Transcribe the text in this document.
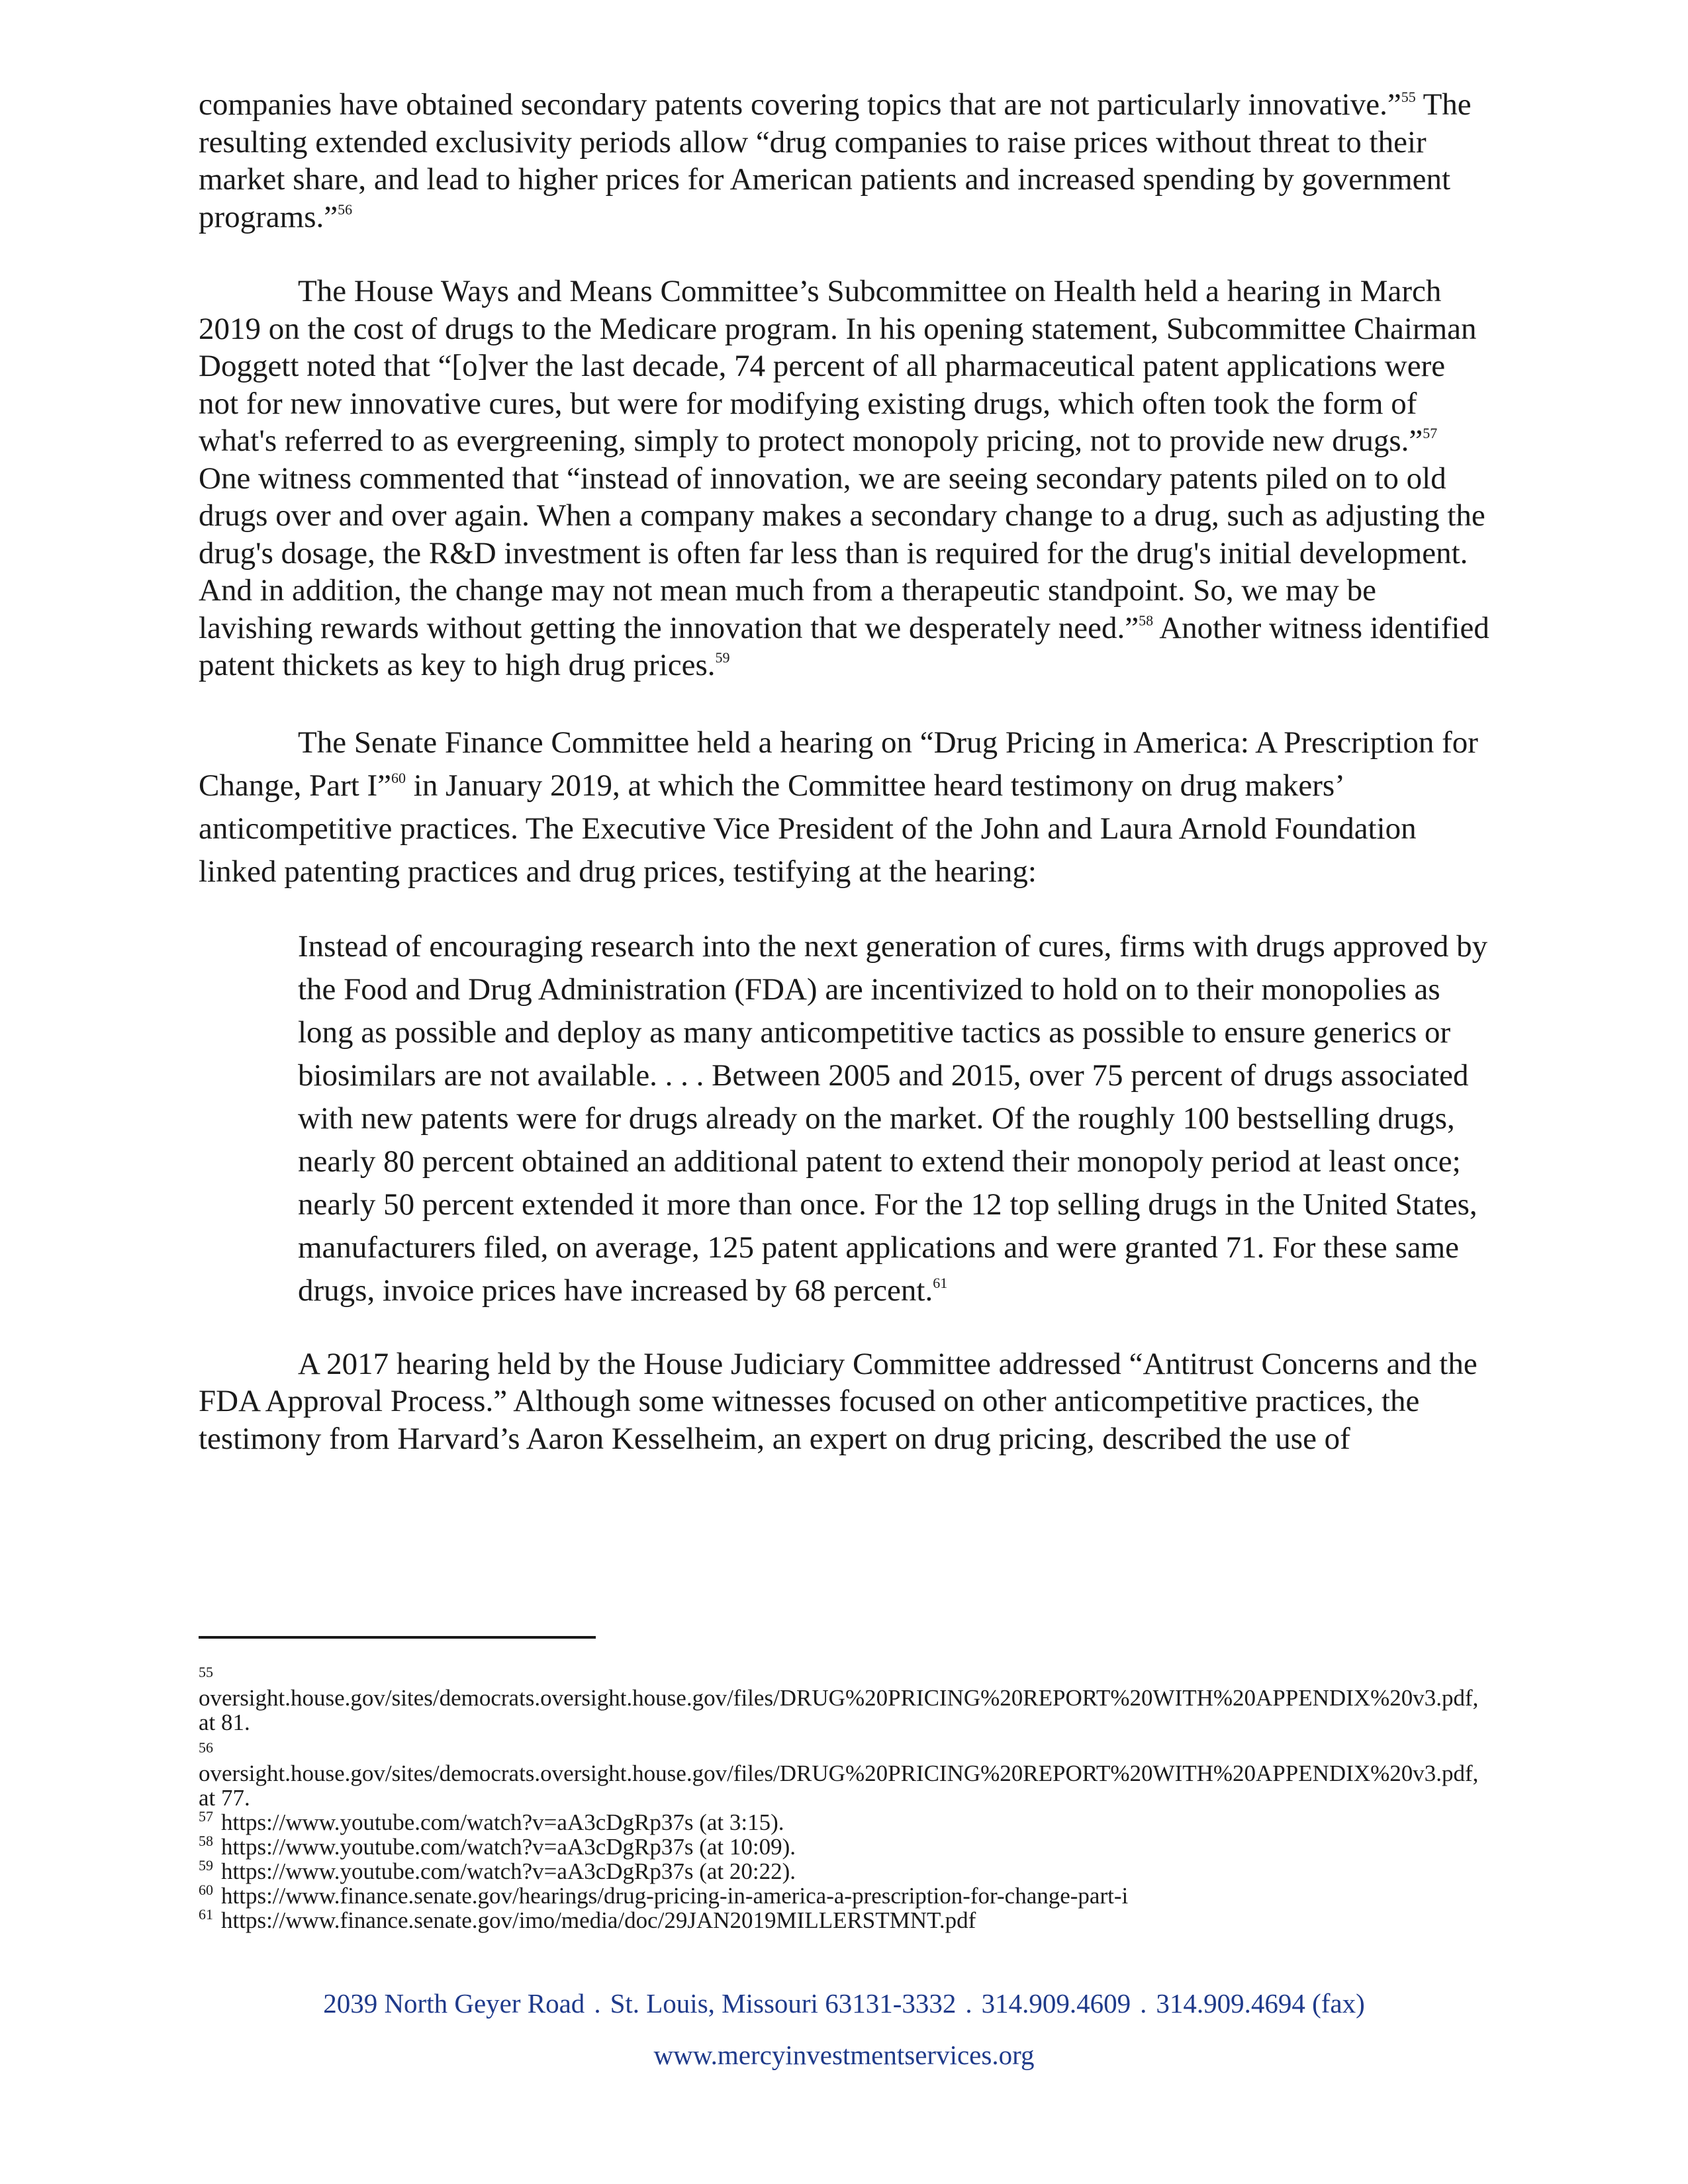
companies have obtained secondary patents covering topics that are not particularly innovative.”$^{55}$ The resulting extended exclusivity periods allow “drug companies to raise prices without threat to their market share, and lead to higher prices for American patients and increased spending by government programs.”$^{56}$

The House Ways and Means Committee’s Subcommittee on Health held a hearing in March 2019 on the cost of drugs to the Medicare program. In his opening statement, Subcommittee Chairman Doggett noted that “[o]ver the last decade, 74 percent of all pharmaceutical patent applications were not for new innovative cures, but were for modifying existing drugs, which often took the form of what's referred to as evergreening, simply to protect monopoly pricing, not to provide new drugs.”$^{57}$ One witness commented that “instead of innovation, we are seeing secondary patents piled on to old drugs over and over again. When a company makes a secondary change to a drug, such as adjusting the drug's dosage, the R&D investment is often far less than is required for the drug's initial development. And in addition, the change may not mean much from a therapeutic standpoint. So, we may be lavishing rewards without getting the innovation that we desperately need.”$^{58}$ Another witness identified patent thickets as key to high drug prices.$^{59}$

The Senate Finance Committee held a hearing on “Drug Pricing in America: A Prescription for Change, Part I”$^{60}$ in January 2019, at which the Committee heard testimony on drug makers’ anticompetitive practices. The Executive Vice President of the John and Laura Arnold Foundation linked patenting practices and drug prices, testifying at the hearing:

Instead of encouraging research into the next generation of cures, firms with drugs approved by the Food and Drug Administration (FDA) are incentivized to hold on to their monopolies as long as possible and deploy as many anticompetitive tactics as possible to ensure generics or biosimilars are not available. . . . Between 2005 and 2015, over 75 percent of drugs associated with new patents were for drugs already on the market. Of the roughly 100 bestselling drugs, nearly 80 percent obtained an additional patent to extend their monopoly period at least once; nearly 50 percent extended it more than once. For the 12 top selling drugs in the United States, manufacturers filed, on average, 125 patent applications and were granted 71. For these same drugs, invoice prices have increased by 68 percent.$^{61}$

A 2017 hearing held by the House Judiciary Committee addressed “Antitrust Concerns and the FDA Approval Process.” Although some witnesses focused on other anticompetitive practices, the testimony from Harvard’s Aaron Kesselheim, an expert on drug pricing, described the use of

55
oversight.house.gov/sites/democrats.oversight.house.gov/files/DRUG%20PRICING%20REPORT%20WITH%20APPENDIX%20v3.pdf, at 81.
56
oversight.house.gov/sites/democrats.oversight.house.gov/files/DRUG%20PRICING%20REPORT%20WITH%20APPENDIX%20v3.pdf, at 77.
$^{57}$ https://www.youtube.com/watch?v=aA3cDgRp37s (at 3:15).
$^{58}$ https://www.youtube.com/watch?v=aA3cDgRp37s (at 10:09).
$^{59}$ https://www.youtube.com/watch?v=aA3cDgRp37s (at 20:22).
$^{60}$ https://www.finance.senate.gov/hearings/drug-pricing-in-america-a-prescription-for-change-part-i
$^{61}$ https://www.finance.senate.gov/imo/media/doc/29JAN2019MILLERSTMNT.pdf
2039 North Geyer Road . St. Louis, Missouri 63131-3332 . 314.909.4609 . 314.909.4694 (fax)
www.mercyinvestmentservices.org
